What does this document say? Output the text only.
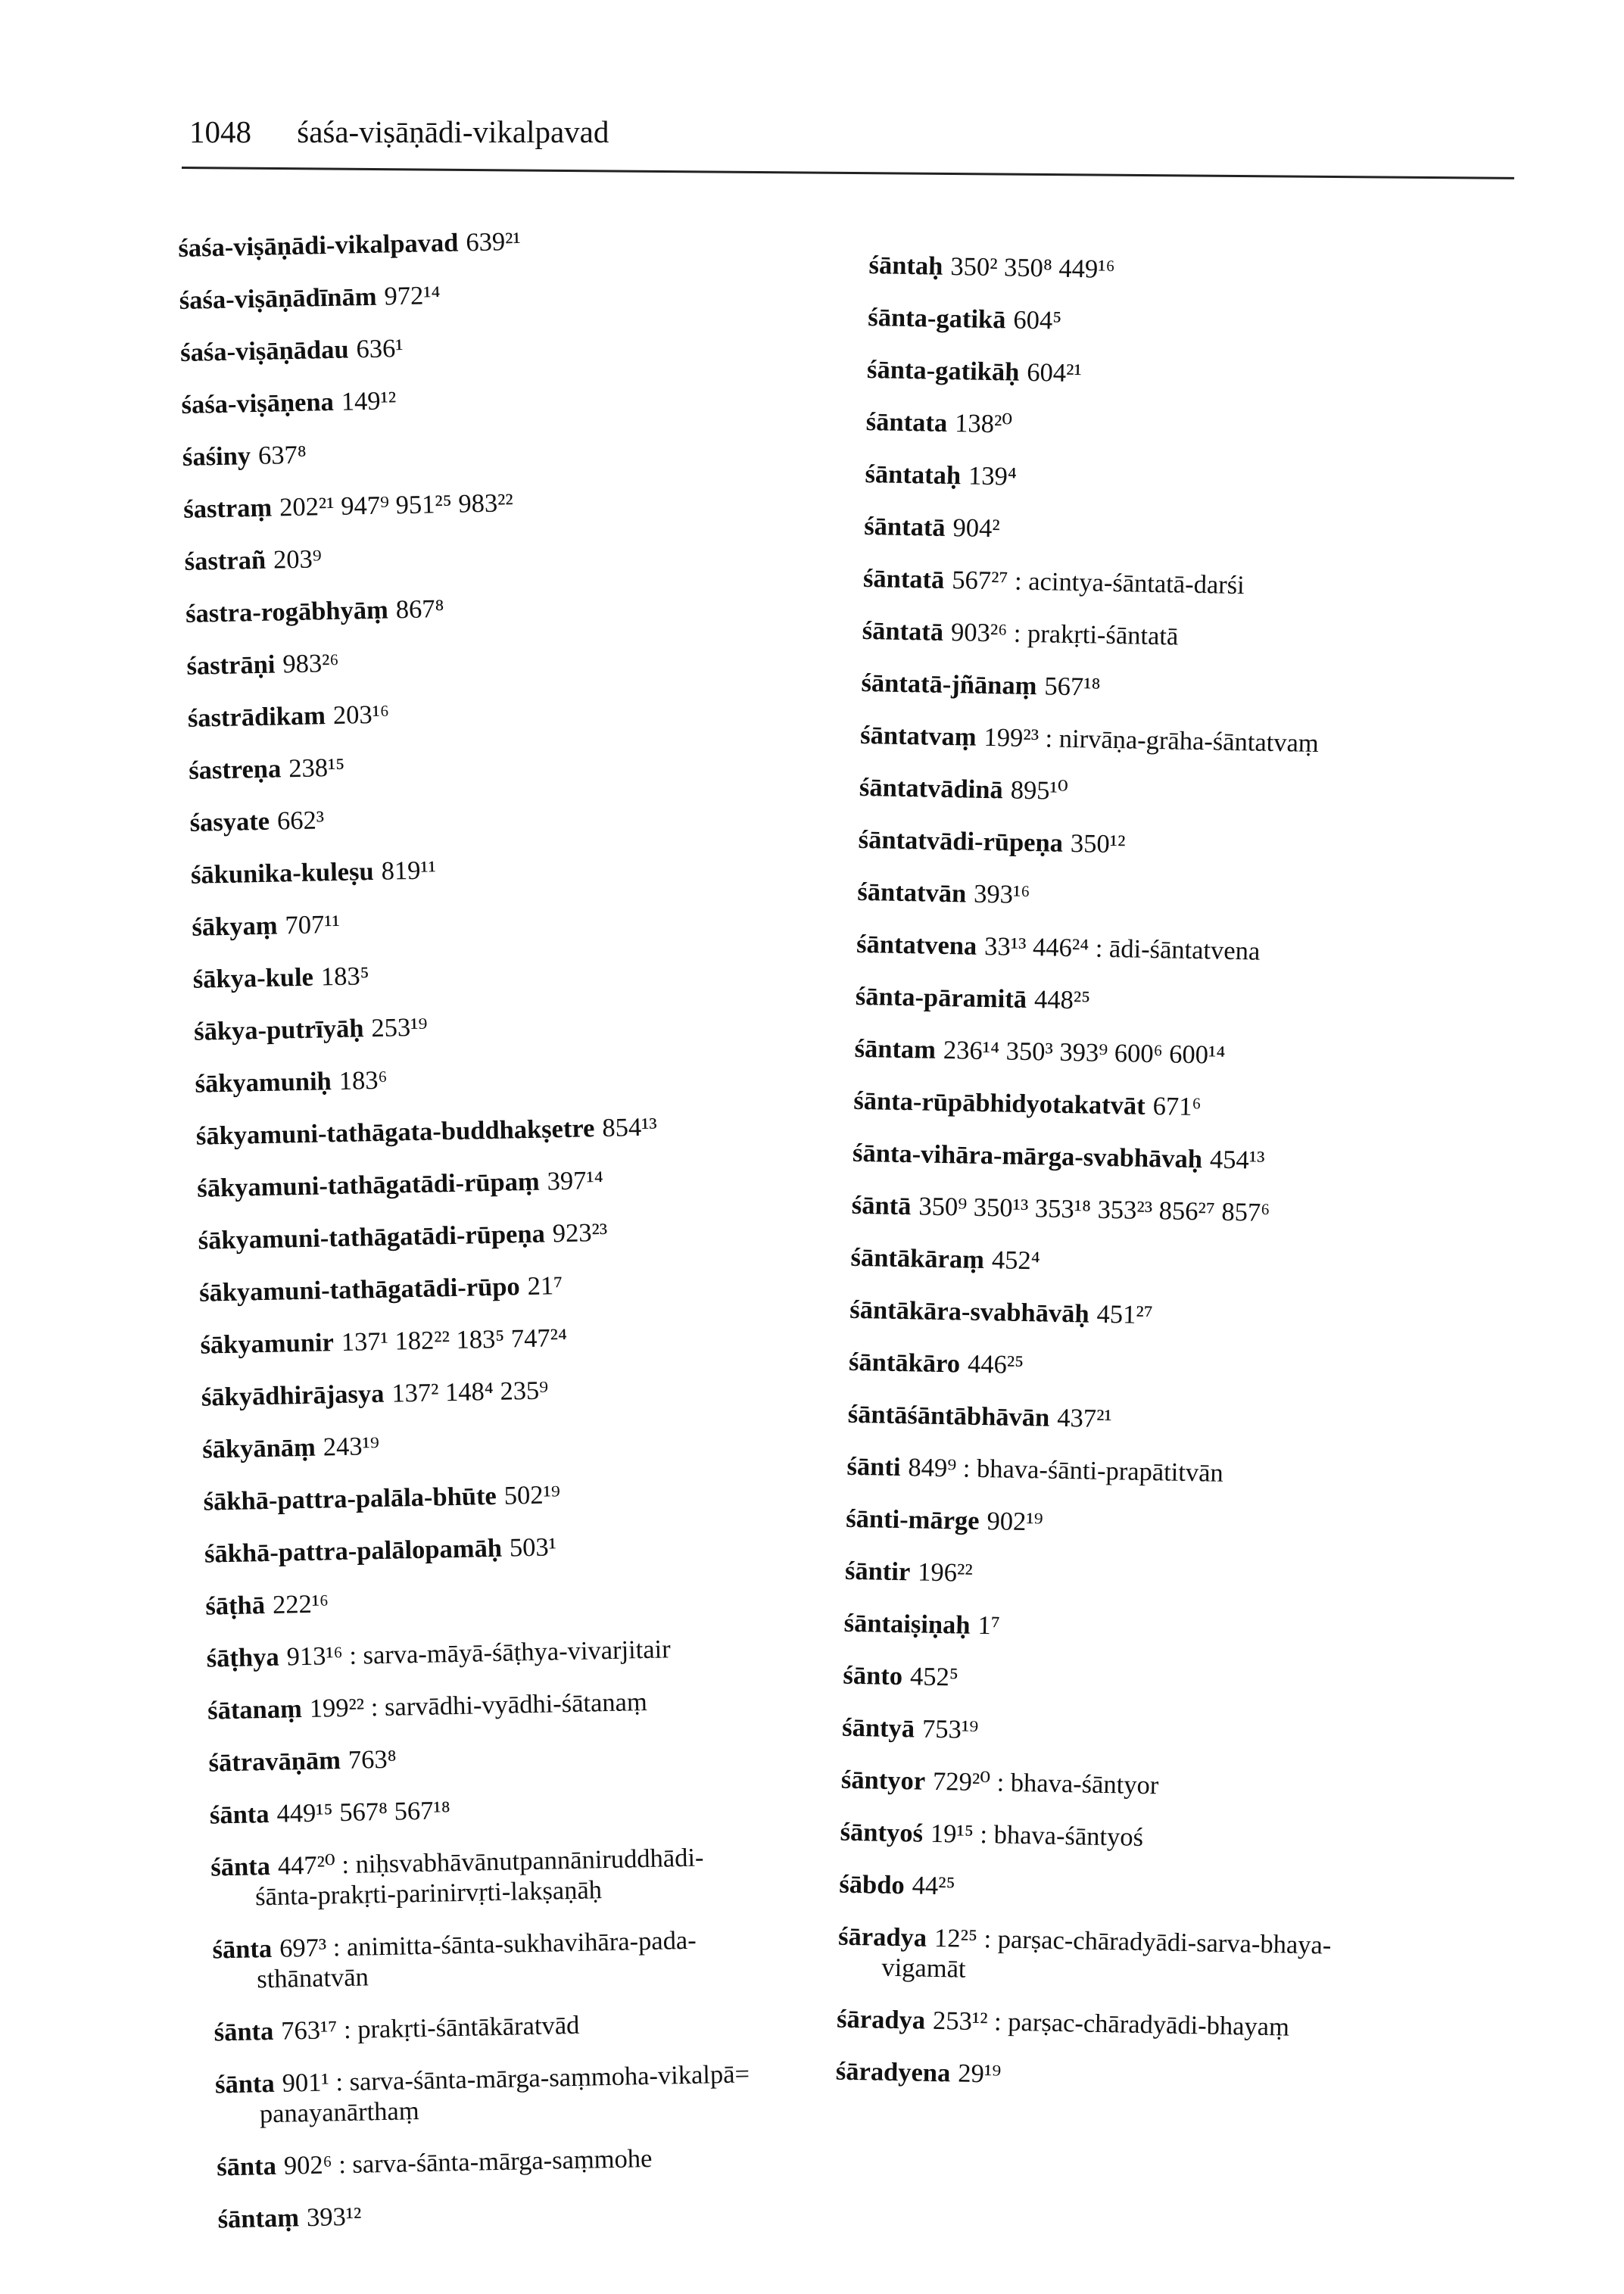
1048 śaśa-viṣāṇādi-vikalpavad
śaśa-viṣāṇādi-vikalpavad 639²¹
śaśa-viṣāṇādīnām 972¹⁴
śaśa-viṣāṇādau 636¹
śaśa-viṣāṇena 149¹²
śaśiny 637⁸
śastraṃ 202²¹ 947⁹ 951²⁵ 983²²
śastrañ 203⁹
śastra-rogābhyāṃ 867⁸
śastrāṇi 983²⁶
śastrādikam 203¹⁶
śastreṇa 238¹⁵
śasyate 662³
śākunika-kuleṣu 819¹¹
śākyaṃ 707¹¹
śākya-kule 183⁵
śākya-putrīyāḥ 253¹⁹
śākyamuniḥ 183⁶
śākyamuni-tathāgata-buddhakṣetre 854¹³
śākyamuni-tathāgatādi-rūpaṃ 397¹⁴
śākyamuni-tathāgatādi-rūpeṇa 923²³
śākyamuni-tathāgatādi-rūpo 21⁷
śākyamunir 137¹ 182²² 183⁵ 747²⁴
śākyādhirājasya 137² 148⁴ 235⁹
śākyānāṃ 243¹⁹
śākhā-pattra-palāla-bhūte 502¹⁹
śākhā-pattra-palālopamāḥ 503¹
śāṭhā 222¹⁶
śāṭhya 913¹⁶ : sarva-māyā-śāṭhya-vivarjitair
śātanaṃ 199²² : sarvādhi-vyādhi-śātanaṃ
śātravāṇām 763⁸
śānta 449¹⁵ 567⁸ 567¹⁸
śānta 447²⁰ : niḥsvabhāvānutpannāniruddhādi-
śānta-prakṛti-parinirvṛti-lakṣaṇāḥ
śānta 697³ : animitta-śānta-sukhavihāra-pada-
sthānatvān
śānta 763¹⁷ : prakṛti-śāntākāratvād
śānta 901¹ : sarva-śānta-mārga-saṃmoha-vikalpā=
panayanārthaṃ
śānta 902⁶ : sarva-śānta-mārga-saṃmohe
śāntaṃ 393¹²
śāntaḥ 350² 350⁸ 449¹⁶
śānta-gatikā 604⁵
śānta-gatikāḥ 604²¹
śāntata 138²⁰
śāntataḥ 139⁴
śāntatā 904²
śāntatā 567²⁷ : acintya-śāntatā-darśi
śāntatā 903²⁶ : prakṛti-śāntatā
śāntatā-jñānaṃ 567¹⁸
śāntatvaṃ 199²³ : nirvāṇa-grāha-śāntatvaṃ
śāntatvādinā 895¹⁰
śāntatvādi-rūpeṇa 350¹²
śāntatvān 393¹⁶
śāntatvena 33¹³ 446²⁴ : ādi-śāntatvena
śānta-pāramitā 448²⁵
śāntam 236¹⁴ 350³ 393⁹ 600⁶ 600¹⁴
śānta-rūpābhidyotakatvāt 671⁶
śānta-vihāra-mārga-svabhāvaḥ 454¹³
śāntā 350⁹ 350¹³ 353¹⁸ 353²³ 856²⁷ 857⁶
śāntākāraṃ 452⁴
śāntākāra-svabhāvāḥ 451²⁷
śāntākāro 446²⁵
śāntāśāntābhāvān 437²¹
śānti 849⁹ : bhava-śānti-prapātitvān
śānti-mārge 902¹⁹
śāntir 196²²
śāntaiṣiṇaḥ 1⁷
śānto 452⁵
śāntyā 753¹⁹
śāntyor 729²⁰ : bhava-śāntyor
śāntyoś 19¹⁵ : bhava-śāntyoś
śābdo 44²⁵
śāradya 12²⁵ : parṣac-chāradyādi-sarva-bhaya-
vigamāt
śāradya 253¹² : parṣac-chāradyādi-bhayaṃ
śāradyena 29¹⁹
